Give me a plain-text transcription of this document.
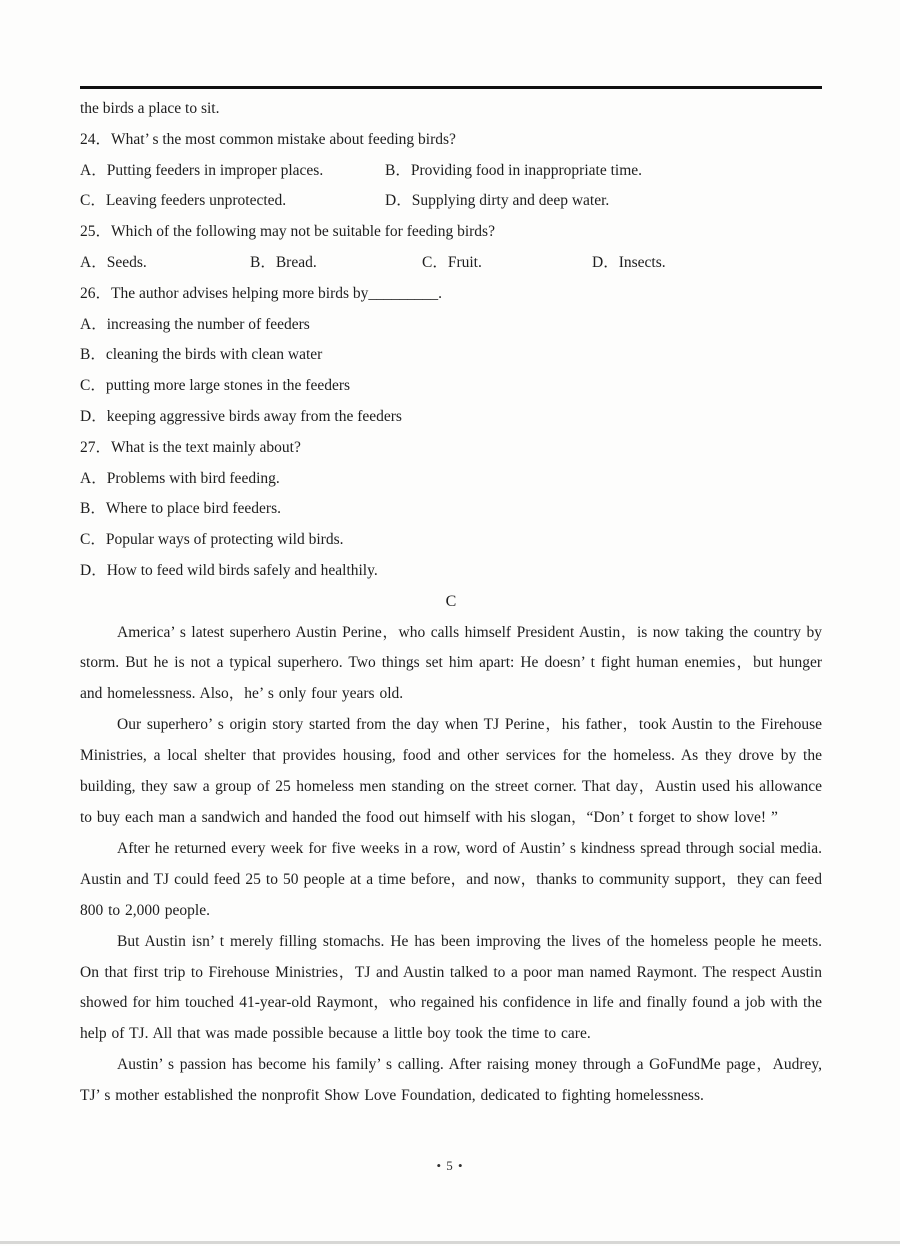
the birds a place to sit.

24．What’ s the most common mistake about feeding birds?

A．Putting feeders in improper places.	B．Providing food in inappropriate time.
C．Leaving feeders unprotected.	D．Supplying dirty and deep water.

25．Which of the following may not be suitable for feeding birds?

A．Seeds.	B．Bread.	C．Fruit.	D．Insects.

26．The author advises helping more birds by_________.

A．increasing the number of feeders

B．cleaning the birds with clean water

C．putting more large stones in the feeders

D．keeping aggressive birds away from the feeders

27．What is the text mainly about?

A．Problems with bird feeding.

B．Where to place bird feeders.

C．Popular ways of protecting wild birds.

D．How to feed wild birds safely and healthily.

C

America’ s latest superhero Austin Perine，who calls himself President Austin，is now taking the country by storm. But he is not a typical superhero. Two things set him apart: He doesn’ t fight human enemies，but hunger and homelessness. Also，he’ s only four years old.

Our superhero’ s origin story started from the day when TJ Perine，his father，took Austin to the Firehouse Ministries, a local shelter that provides housing, food and other services for the homeless. As they drove by the building, they saw a group of 25 homeless men standing on the street corner. That day，Austin used his allowance to buy each man a sandwich and handed the food out himself with his slogan，“Don’ t forget to show love! ”

After he returned every week for five weeks in a row, word of Austin’ s kindness spread through social media. Austin and TJ could feed 25 to 50 people at a time before，and now，thanks to community support，they can feed 800 to 2,000 people.

But Austin isn’ t merely filling stomachs. He has been improving the lives of the homeless people he meets. On that first trip to Firehouse Ministries，TJ and Austin talked to a poor man named Raymont. The respect Austin showed for him touched 41-year-old Raymont，who regained his confidence in life and finally found a job with the help of TJ. All that was made possible because a little boy took the time to care.

Austin’ s passion has become his family’ s calling. After raising money through a GoFundMe page，Audrey, TJ’ s mother established the nonprofit Show Love Foundation, dedicated to fighting homelessness.

• 5 •
